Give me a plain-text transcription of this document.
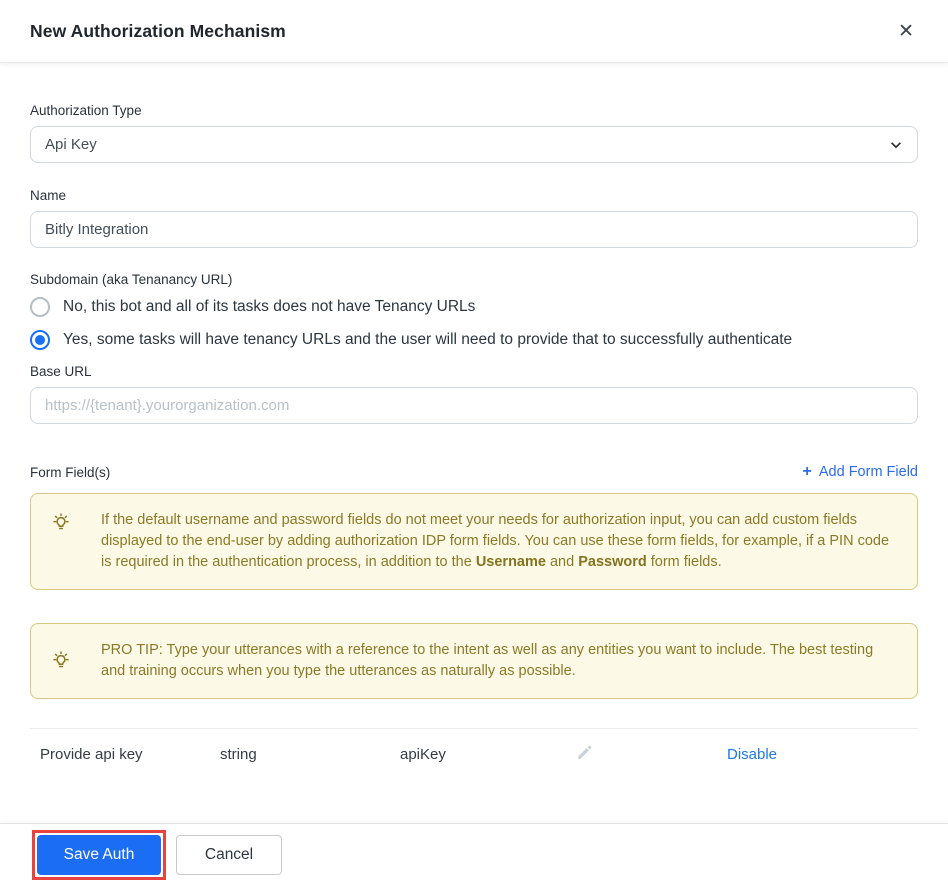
New Authorization Mechanism	✕
Authorization Type
Api Key
Name
Bitly Integration
Subdomain (aka Tenanancy URL)
No, this bot and all of its tasks does not have Tenancy URLs
Yes, some tasks will have tenancy URLs and the user will need to provide that to successfully authenticate
Base URL
https://{tenant}.yourorganization.com
Form Field(s)	+ Add Form Field
If the default username and password fields do not meet your needs for authorization input, you can add custom fields displayed to the end-user by adding authorization IDP form fields. You can use these form fields, for example, if a PIN code is required in the authentication process, in addition to the Username and Password form fields.
PRO TIP: Type your utterances with a reference to the intent as well as any entities you want to include. The best testing and training occurs when you type the utterances as naturally as possible.
Provide api key	string	apiKey	Disable
Save Auth	Cancel
